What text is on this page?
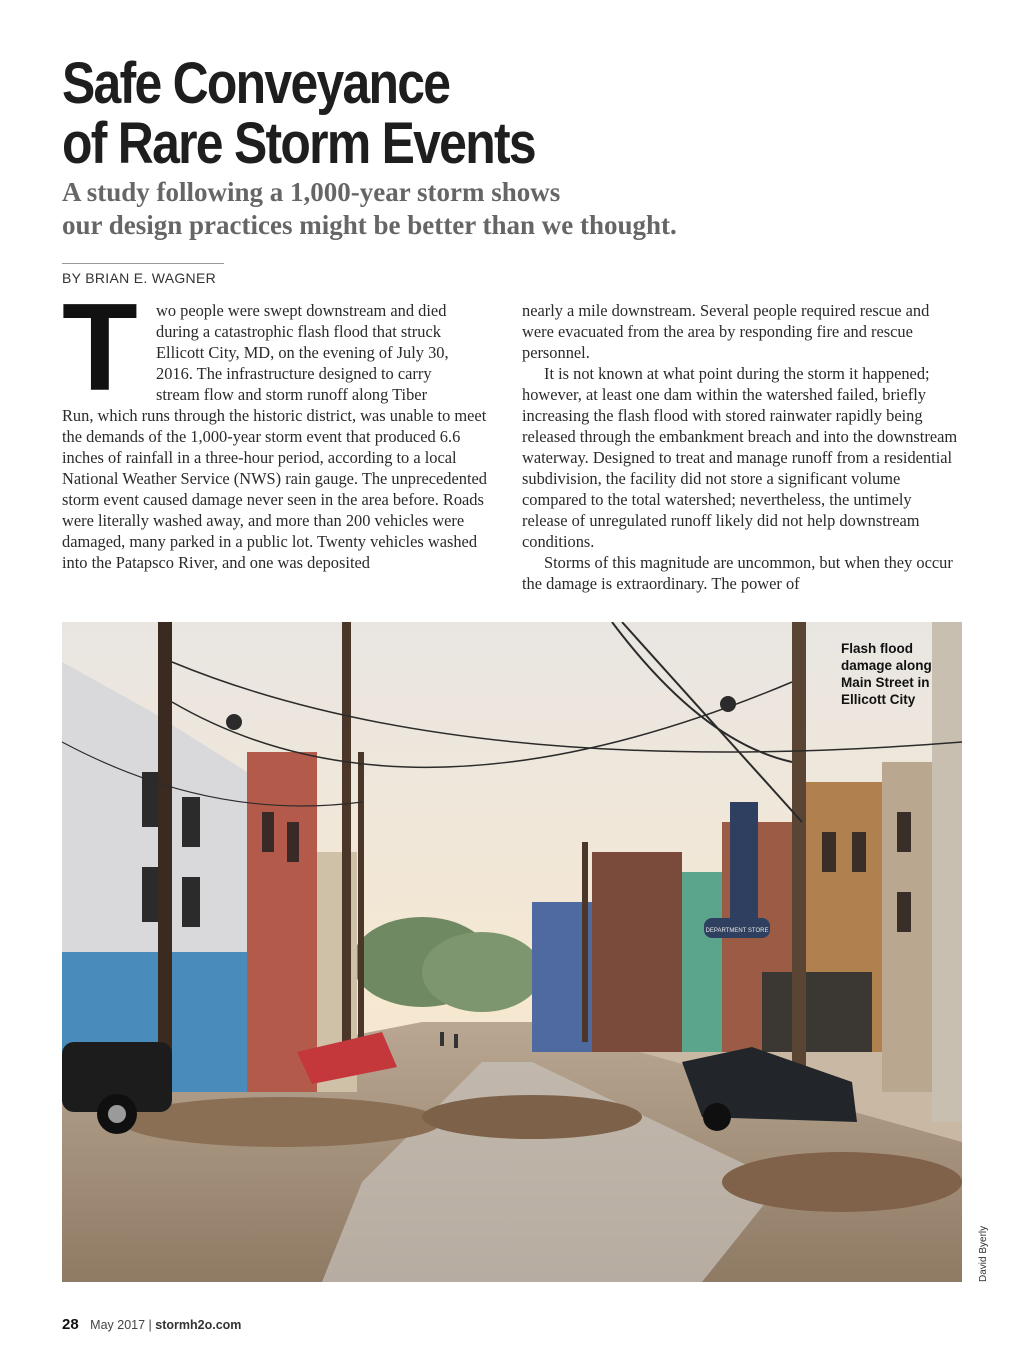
Safe Conveyance
of Rare Storm Events
A study following a 1,000-year storm shows
our design practices might be better than we thought.
BY BRIAN E. WAGNER
T	wo people were swept downstream and died
during a catastrophic flash flood that struck
Ellicott City, MD, on the evening of July 30,
2016. The infrastructure designed to carry
stream flow and storm runoff along Tiber

Run, which runs through the historic district, was unable to meet the demands of the 1,000-year storm event that produced 6.6 inches of rainfall in a three-hour period, according to a local National Weather Service (NWS) rain gauge. The unprecedented storm event caused damage never seen in the area before. Roads were literally washed away, and more than 200 vehicles were damaged, many parked in a public lot. Twenty vehicles washed into the Patapsco River, and one was deposited

nearly a mile downstream. Several people required rescue and were evacuated from the area by responding fire and rescue personnel.

It is not known at what point during the storm it happened; however, at least one dam within the watershed failed, briefly increasing the flash flood with stored rainwater rapidly being released through the embankment breach and into the downstream waterway. Designed to treat and manage runoff from a residential subdivision, the facility did not store a significant volume compared to the total watershed; nevertheless, the untimely release of unregulated runoff likely did not help downstream conditions.

Storms of this magnitude are uncommon, but when they occur the damage is extraordinary. The power of

DEPARTMENT STORE
Flash flood damage along Main Street in Ellicott City
David Byerly
28 May 2017 | stormh2o.com
